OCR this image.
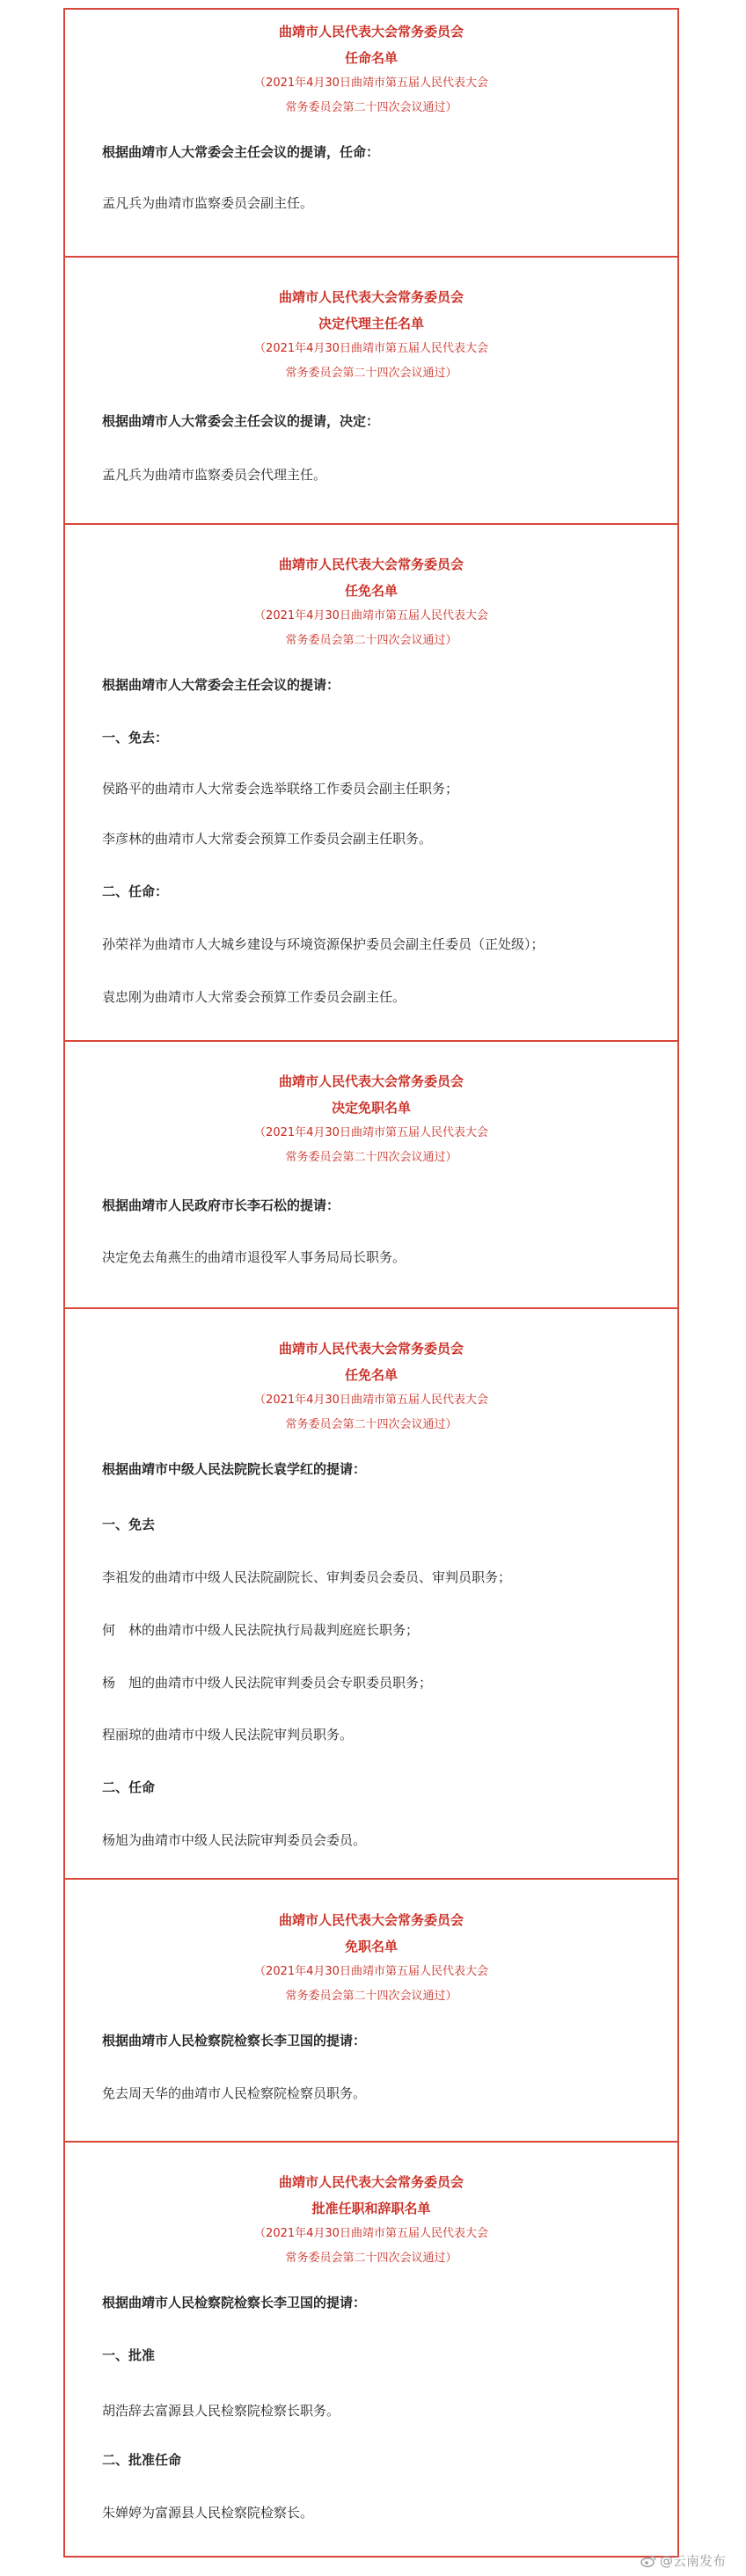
曲靖市人民代表大会常务委员会
任命名单
（2021年4月30日曲靖市第五届人民代表大会
常务委员会第二十四次会议通过）
根据曲靖市人大常委会主任会议的提请，任命：
孟凡兵为曲靖市监察委员会副主任。
曲靖市人民代表大会常务委员会
决定代理主任名单
（2021年4月30日曲靖市第五届人民代表大会
常务委员会第二十四次会议通过）
根据曲靖市人大常委会主任会议的提请，决定：
孟凡兵为曲靖市监察委员会代理主任。
曲靖市人民代表大会常务委员会
任免名单
（2021年4月30日曲靖市第五届人民代表大会
常务委员会第二十四次会议通过）
根据曲靖市人大常委会主任会议的提请：
一、免去：
侯路平的曲靖市人大常委会选举联络工作委员会副主任职务；
李彦林的曲靖市人大常委会预算工作委员会副主任职务。
二、任命：
孙荣祥为曲靖市人大城乡建设与环境资源保护委员会副主任委员（正处级）；
袁忠刚为曲靖市人大常委会预算工作委员会副主任。
曲靖市人民代表大会常务委员会
决定免职名单
（2021年4月30日曲靖市第五届人民代表大会
常务委员会第二十四次会议通过）
根据曲靖市人民政府市长李石松的提请：
决定免去角燕生的曲靖市退役军人事务局局长职务。
曲靖市人民代表大会常务委员会
任免名单
（2021年4月30日曲靖市第五届人民代表大会
常务委员会第二十四次会议通过）
根据曲靖市中级人民法院院长袁学红的提请：
一、免去
李祖发的曲靖市中级人民法院副院长、审判委员会委员、审判员职务；
何　林的曲靖市中级人民法院执行局裁判庭庭长职务；
杨　旭的曲靖市中级人民法院审判委员会专职委员职务；
程丽琼的曲靖市中级人民法院审判员职务。
二、任命
杨旭为曲靖市中级人民法院审判委员会委员。
曲靖市人民代表大会常务委员会
免职名单
（2021年4月30日曲靖市第五届人民代表大会
常务委员会第二十四次会议通过）
根据曲靖市人民检察院检察长李卫国的提请：
免去周天华的曲靖市人民检察院检察员职务。
曲靖市人民代表大会常务委员会
批准任职和辞职名单
（2021年4月30日曲靖市第五届人民代表大会
常务委员会第二十四次会议通过）
根据曲靖市人民检察院检察长李卫国的提请：
一、批准
胡浩辞去富源县人民检察院检察长职务。
二、批准任命
朱婵婷为富源县人民检察院检察长。
@云南发布
